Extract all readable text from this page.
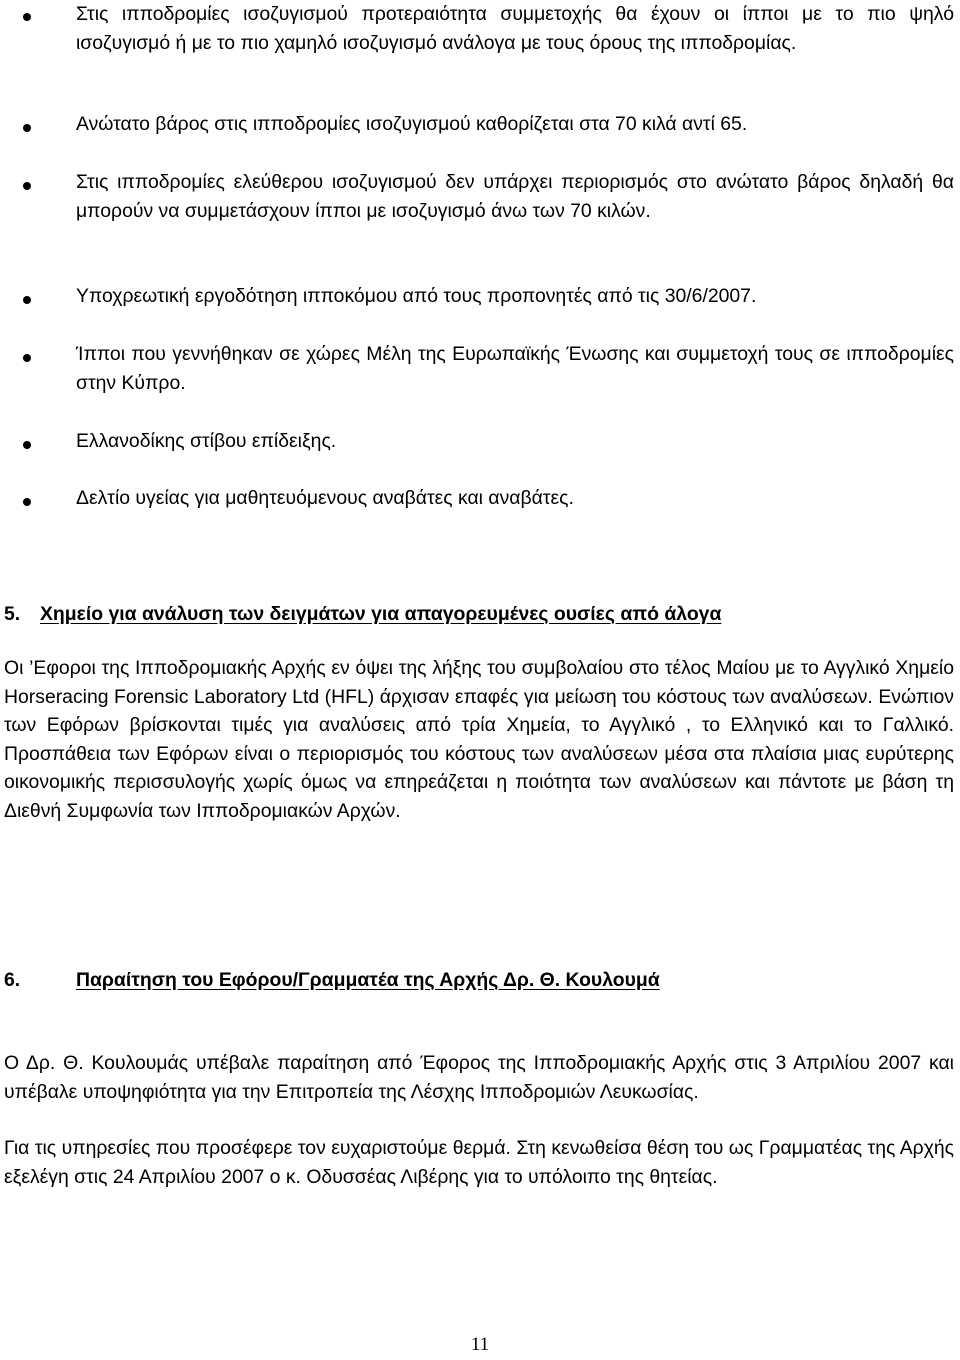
Στις ιπποδρομίες ισοζυγισμού προτεραιότητα συμμετοχής θα έχουν οι ίπποι με το πιο ψηλό ισοζυγισμό ή με το πιο χαμηλό ισοζυγισμό ανάλογα με τους όρους της ιπποδρομίας.
Ανώτατο βάρος στις ιπποδρομίες ισοζυγισμού καθορίζεται στα 70 κιλά αντί 65.
Στις ιπποδρομίες ελεύθερου ισοζυγισμού δεν υπάρχει περιορισμός στο ανώτατο βάρος δηλαδή θα μπορούν να συμμετάσχουν ίπποι με ισοζυγισμό άνω των 70 κιλών.
Υποχρεωτική εργοδότηση ιπποκόμου από τους προπονητές από τις 30/6/2007.
Ίπποι που γεννήθηκαν σε χώρες Μέλη της Ευρωπαϊκής Ένωσης και συμμετοχή τους σε ιπποδρομίες στην Κύπρο.
Ελλανοδίκης στίβου επίδειξης.
Δελτίο υγείας για μαθητευόμενους αναβάτες και αναβάτες.
5. Χημείο για ανάλυση των δειγμάτων για απαγορευμένες ουσίες από άλογα

Οι ’Εφοροι της Ιπποδρομιακής Αρχής εν όψει της λήξης του συμβολαίου στο τέλος Μαίου με το Αγγλικό Χημείο Horseracing Forensic Laboratory Ltd (HFL) άρχισαν επαφές για μείωση του κόστους των αναλύσεων. Ενώπιον των Εφόρων βρίσκονται τιμές για αναλύσεις από τρία Χημεία, το Αγγλικό , το Ελληνικό και το Γαλλικό. Προσπάθεια των Εφόρων είναι ο περιορισμός του κόστους των αναλύσεων μέσα στα πλαίσια μιας ευρύτερης οικονομικής περισσυλογής χωρίς όμως να επηρεάζεται η ποιότητα των αναλύσεων και πάντοτε με βάση τη Διεθνή Συμφωνία των Ιπποδρομιακών Αρχών.

6.	Παραίτηση του Εφόρου/Γραμματέα της Αρχής Δρ. Θ. Κουλουμά

Ο Δρ. Θ. Κουλουμάς υπέβαλε παραίτηση από Έφορος της Ιπποδρομιακής Αρχής στις 3 Απριλίου 2007 και υπέβαλε υποψηφιότητα για την Επιτροπεία της Λέσχης Ιπποδρομιών Λευκωσίας.

Για τις υπηρεσίες που προσέφερε τον ευχαριστούμε θερμά. Στη κενωθείσα θέση του ως Γραμματέας της Αρχής εξελέγη στις 24 Απριλίου 2007 ο κ. Οδυσσέας Λιβέρης για το υπόλοιπο της θητείας.

11
